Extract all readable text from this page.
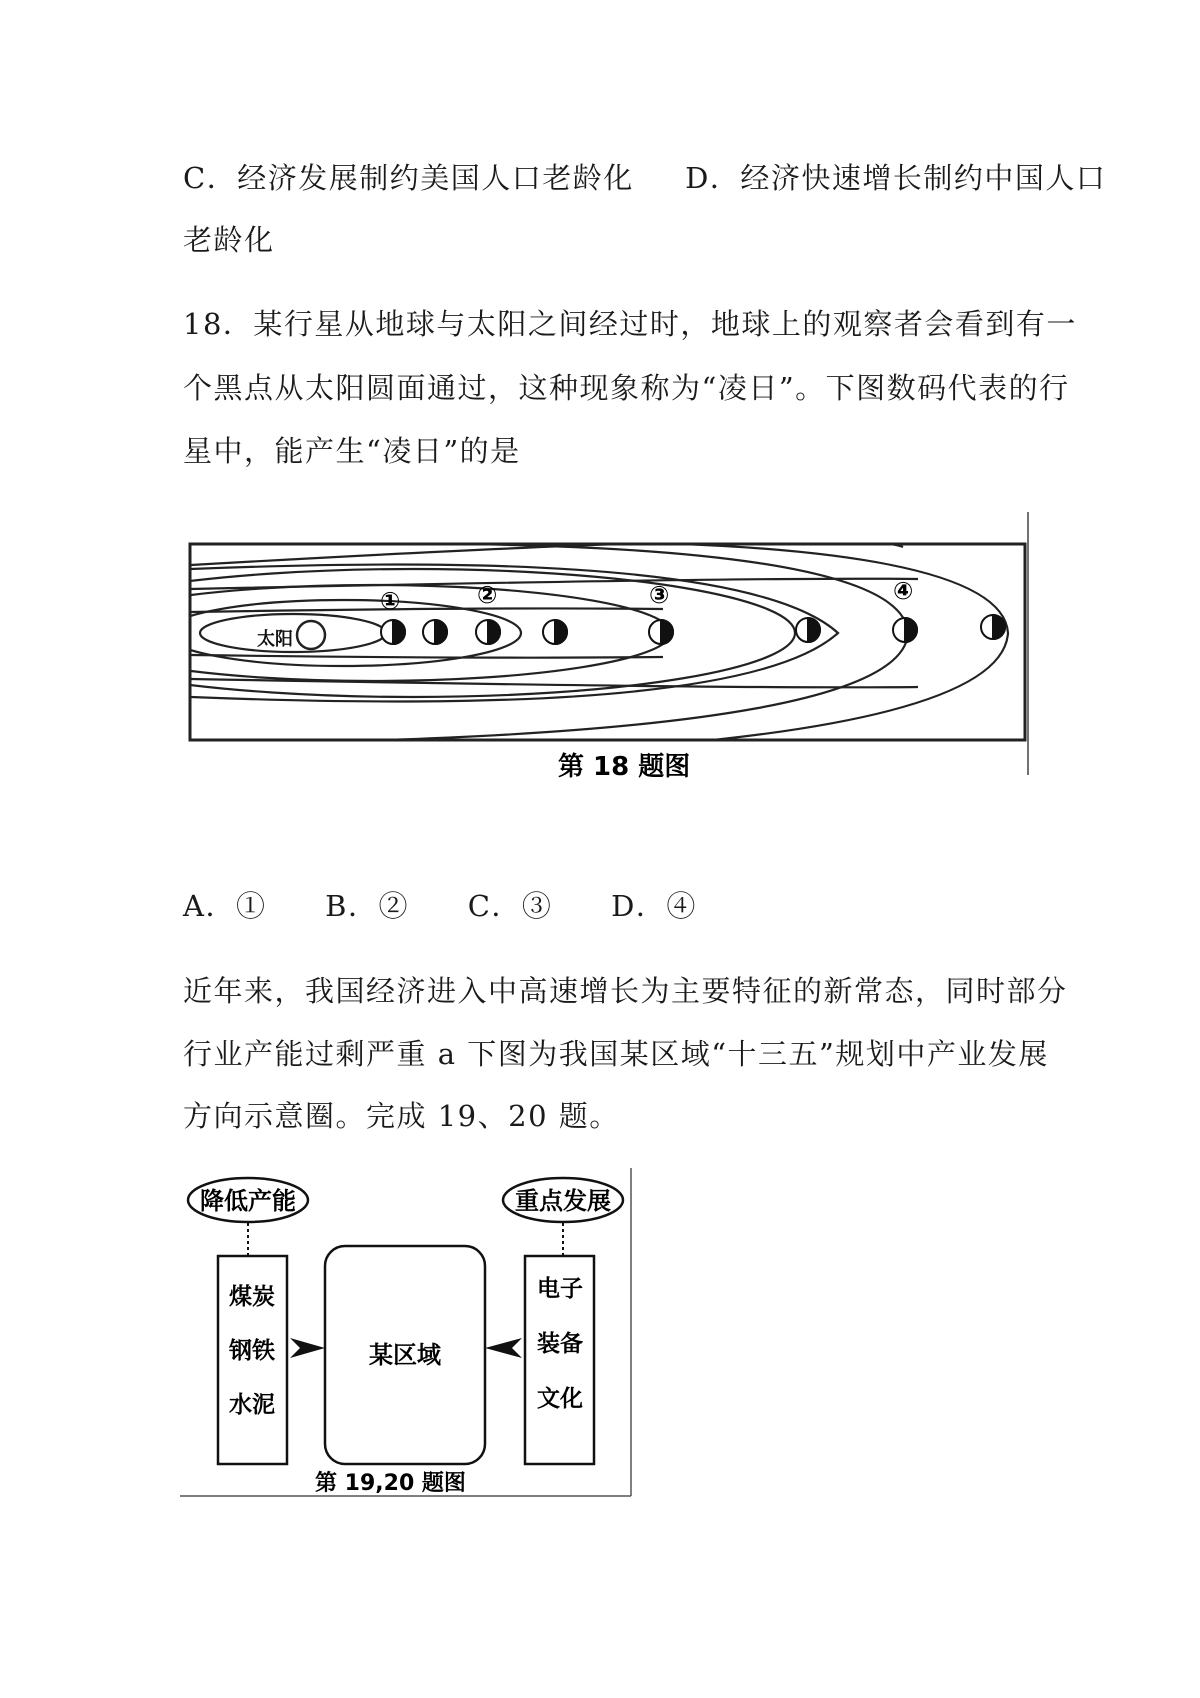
C．经济发展制约美国人口老龄化 D．经济快速增长制约中国人口
老龄化
18．某行星从地球与太阳之间经过时，地球上的观察者会看到有一
个黑点从太阳圆面通过，这种现象称为“凌日”。下图数码代表的行
星中，能产生“凌日”的是
太阳
①	②	③	④
第 18 题图
A．① B．② C．③ D．④
近年来，我国经济进入中高速增长为主要特征的新常态，同时部分
行业产能过剩严重 a 下图为我国某区域“十三五”规划中产业发展
方向示意圈。完成 19、20 题。
降低产能	重点发展
煤炭
钢铁
水泥
电子
装备
文化
某区域
第 19,20 题图
